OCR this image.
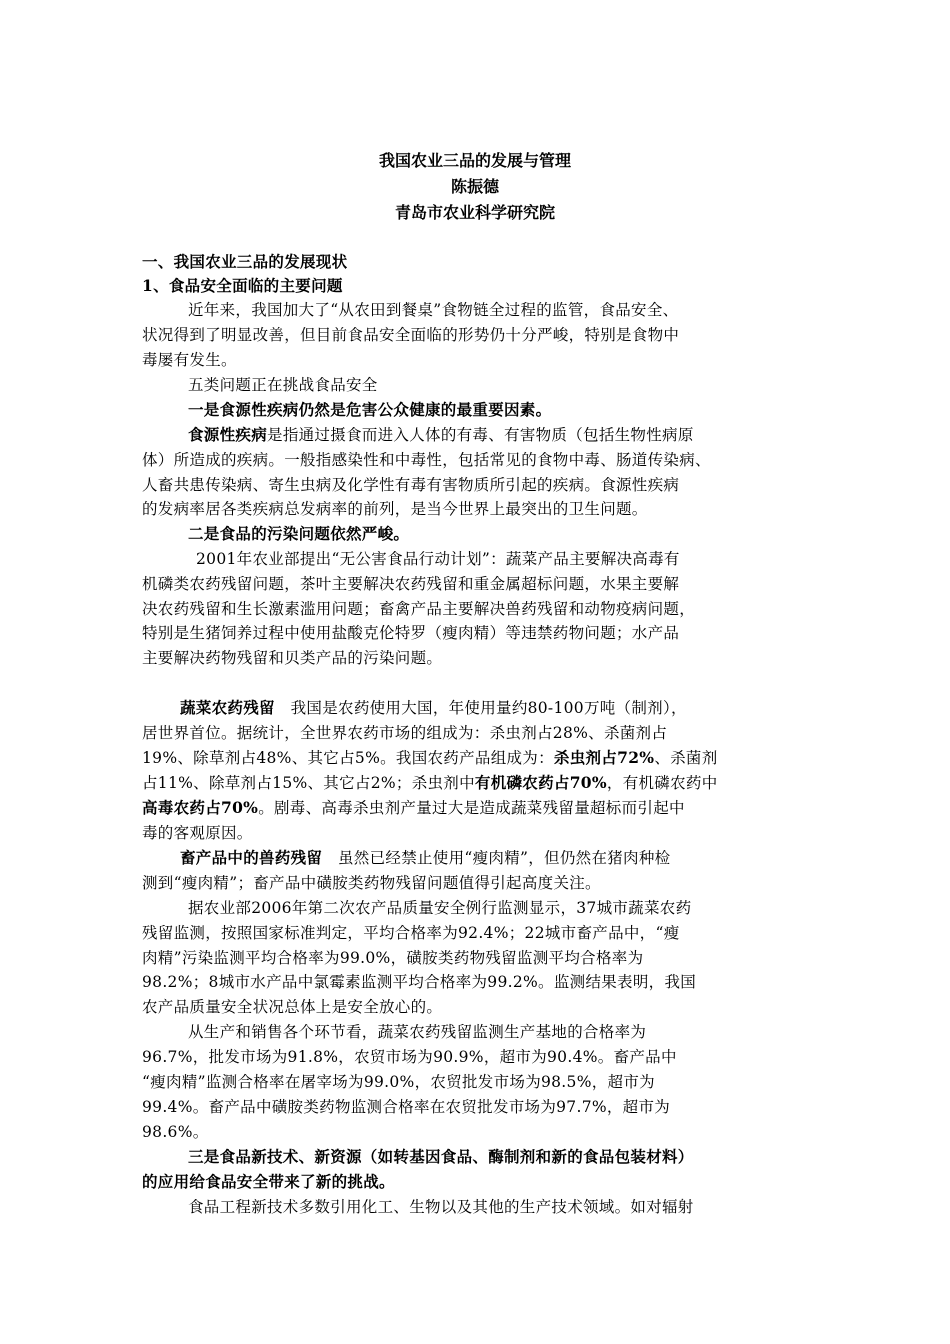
我国农业三品的发展与管理
陈振德
青岛市农业科学研究院
一、我国农业三品的发展现状
1、食品安全面临的主要问题
近年来，我国加大了“从农田到餐桌”食物链全过程的监管，食品安全、
状况得到了明显改善，但目前食品安全面临的形势仍十分严峻，特别是食物中
毒屡有发生。
五类问题正在挑战食品安全
一是食源性疾病仍然是危害公众健康的最重要因素。
食源性疾病是指通过摄食而进入人体的有毒、有害物质（包括生物性病原
体）所造成的疾病。一般指感染性和中毒性，包括常见的食物中毒、肠道传染病、
人畜共患传染病、寄生虫病及化学性有毒有害物质所引起的疾病。食源性疾病
的发病率居各类疾病总发病率的前列，是当今世界上最突出的卫生问题。
二是食品的污染问题依然严峻。
2001年农业部提出“无公害食品行动计划”：蔬菜产品主要解决高毒有
机磷类农药残留问题，茶叶主要解决农药残留和重金属超标问题，水果主要解
决农药残留和生长激素滥用问题；畜禽产品主要解决兽药残留和动物疫病问题，
特别是生猪饲养过程中使用盐酸克伦特罗（瘦肉精）等违禁药物问题；水产品
主要解决药物残留和贝类产品的污染问题。
蔬菜农药残留　我国是农药使用大国，年使用量约80-100万吨（制剂），
居世界首位。据统计，全世界农药市场的组成为：杀虫剂占28%、杀菌剂占
19%、除草剂占48%、其它占5%。我国农药产品组成为：杀虫剂占72%、杀菌剂
占11%、除草剂占15%、其它占2%；杀虫剂中有机磷农药占70%，有机磷农药中
高毒农药占70%。剧毒、高毒杀虫剂产量过大是造成蔬菜残留量超标而引起中
毒的客观原因。
畜产品中的兽药残留　虽然已经禁止使用“瘦肉精”，但仍然在猪肉种检
测到“瘦肉精”；畜产品中磺胺类药物残留问题值得引起高度关注。
据农业部2006年第二次农产品质量安全例行监测显示，37城市蔬菜农药
残留监测，按照国家标准判定，平均合格率为92.4%；22城市畜产品中，“瘦
肉精”污染监测平均合格率为99.0%，磺胺类药物残留监测平均合格率为
98.2%；8城市水产品中氯霉素监测平均合格率为99.2%。监测结果表明，我国
农产品质量安全状况总体上是安全放心的。
从生产和销售各个环节看，蔬菜农药残留监测生产基地的合格率为
96.7%，批发市场为91.8%，农贸市场为90.9%，超市为90.4%。畜产品中
“瘦肉精”监测合格率在屠宰场为99.0%，农贸批发市场为98.5%，超市为
99.4%。畜产品中磺胺类药物监测合格率在农贸批发市场为97.7%，超市为
98.6%。
三是食品新技术、新资源（如转基因食品、酶制剂和新的食品包装材料）
的应用给食品安全带来了新的挑战。
食品工程新技术多数引用化工、生物以及其他的生产技术领域。如对辐射
